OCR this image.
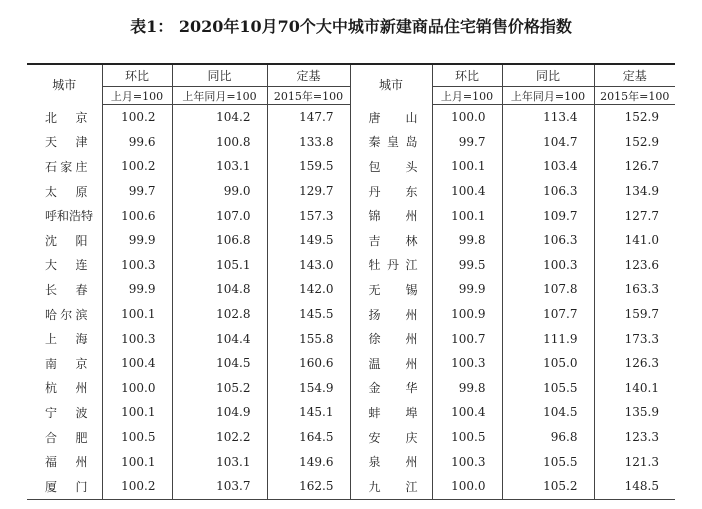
表1： 2020年10月70个大中城市新建商品住宅销售价格指数
城市	环比	同比	定基	城市	环比	同比	定基
	上月=100	上年同月=100	2015年=100		上月=100	上年同月=100	2015年=100
北京	100.2	104.2	147.7	唐山	100.0	113.4	152.9
天津	99.6	100.8	133.8	秦皇岛	99.7	104.7	152.9
石家庄	100.2	103.1	159.5	包头	100.1	103.4	126.7
太原	99.7	99.0	129.7	丹东	100.4	106.3	134.9
呼和浩特	100.6	107.0	157.3	锦州	100.1	109.7	127.7
沈阳	99.9	106.8	149.5	吉林	99.8	106.3	141.0
大连	100.3	105.1	143.0	牡丹江	99.5	100.3	123.6
长春	99.9	104.8	142.0	无锡	99.9	107.8	163.3
哈尔滨	100.1	102.8	145.5	扬州	100.9	107.7	159.7
上海	100.3	104.4	155.8	徐州	100.7	111.9	173.3
南京	100.4	104.5	160.6	温州	100.3	105.0	126.3
杭州	100.0	105.2	154.9	金华	99.8	105.5	140.1
宁波	100.1	104.9	145.1	蚌埠	100.4	104.5	135.9
合肥	100.5	102.2	164.5	安庆	100.5	96.8	123.3
福州	100.1	103.1	149.6	泉州	100.3	105.5	121.3
厦门	100.2	103.7	162.5	九江	100.0	105.2	148.5
